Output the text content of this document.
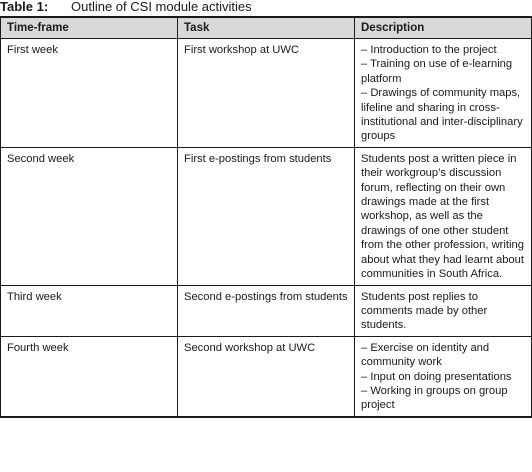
Table 1: Outline of CSI module activities
Time-frame	Task	Description
First week	First workshop at UWC	– Introduction to the project
– Training on use of e-learning platform
– Drawings of community maps, lifeline and sharing in cross-institutional and inter-disciplinary groups

Second week	First e-postings from students	Students post a written piece in their workgroup’s discussion forum, reflecting on their own drawings made at the first workshop, as well as the drawings of one other student from the other profession, writing about what they had learnt about communities in South Africa.

Third week	Second e-postings from students	Students post replies to comments made by other students.

Fourth week	Second workshop at UWC	– Exercise on identity and community work
– Input on doing presentations
– Working in groups on group project
